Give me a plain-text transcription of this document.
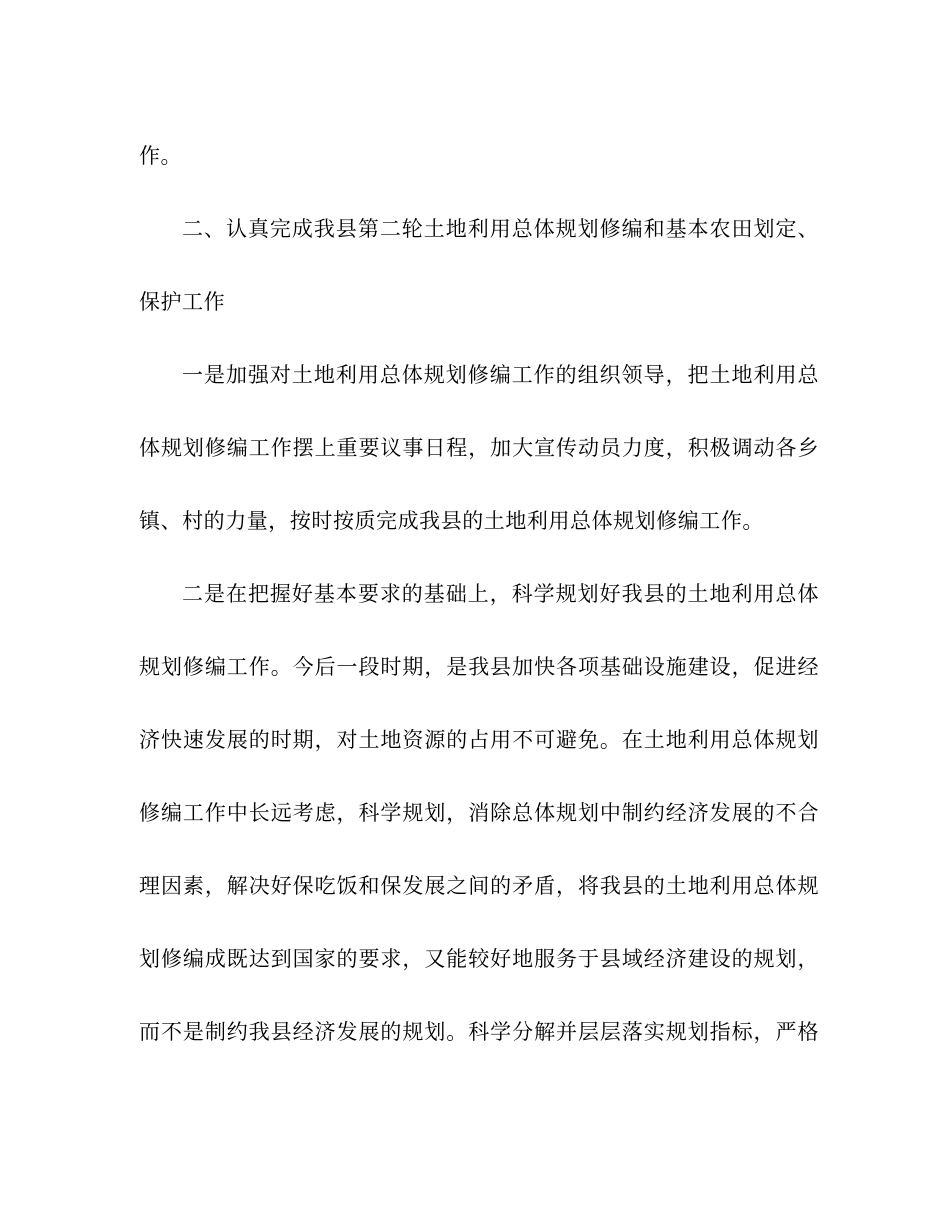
作。
二、认真完成我县第二轮土地利用总体规划修编和基本农田划定、
保护工作
一是加强对土地利用总体规划修编工作的组织领导，把土地利用总
体规划修编工作摆上重要议事日程，加大宣传动员力度，积极调动各乡
镇、村的力量，按时按质完成我县的土地利用总体规划修编工作。
二是在把握好基本要求的基础上，科学规划好我县的土地利用总体
规划修编工作。今后一段时期，是我县加快各项基础设施建设，促进经
济快速发展的时期，对土地资源的占用不可避免。在土地利用总体规划
修编工作中长远考虑，科学规划，消除总体规划中制约经济发展的不合
理因素，解决好保吃饭和保发展之间的矛盾，将我县的土地利用总体规
划修编成既达到国家的要求，又能较好地服务于县域经济建设的规划，
而不是制约我县经济发展的规划。科学分解并层层落实规划指标，严格
